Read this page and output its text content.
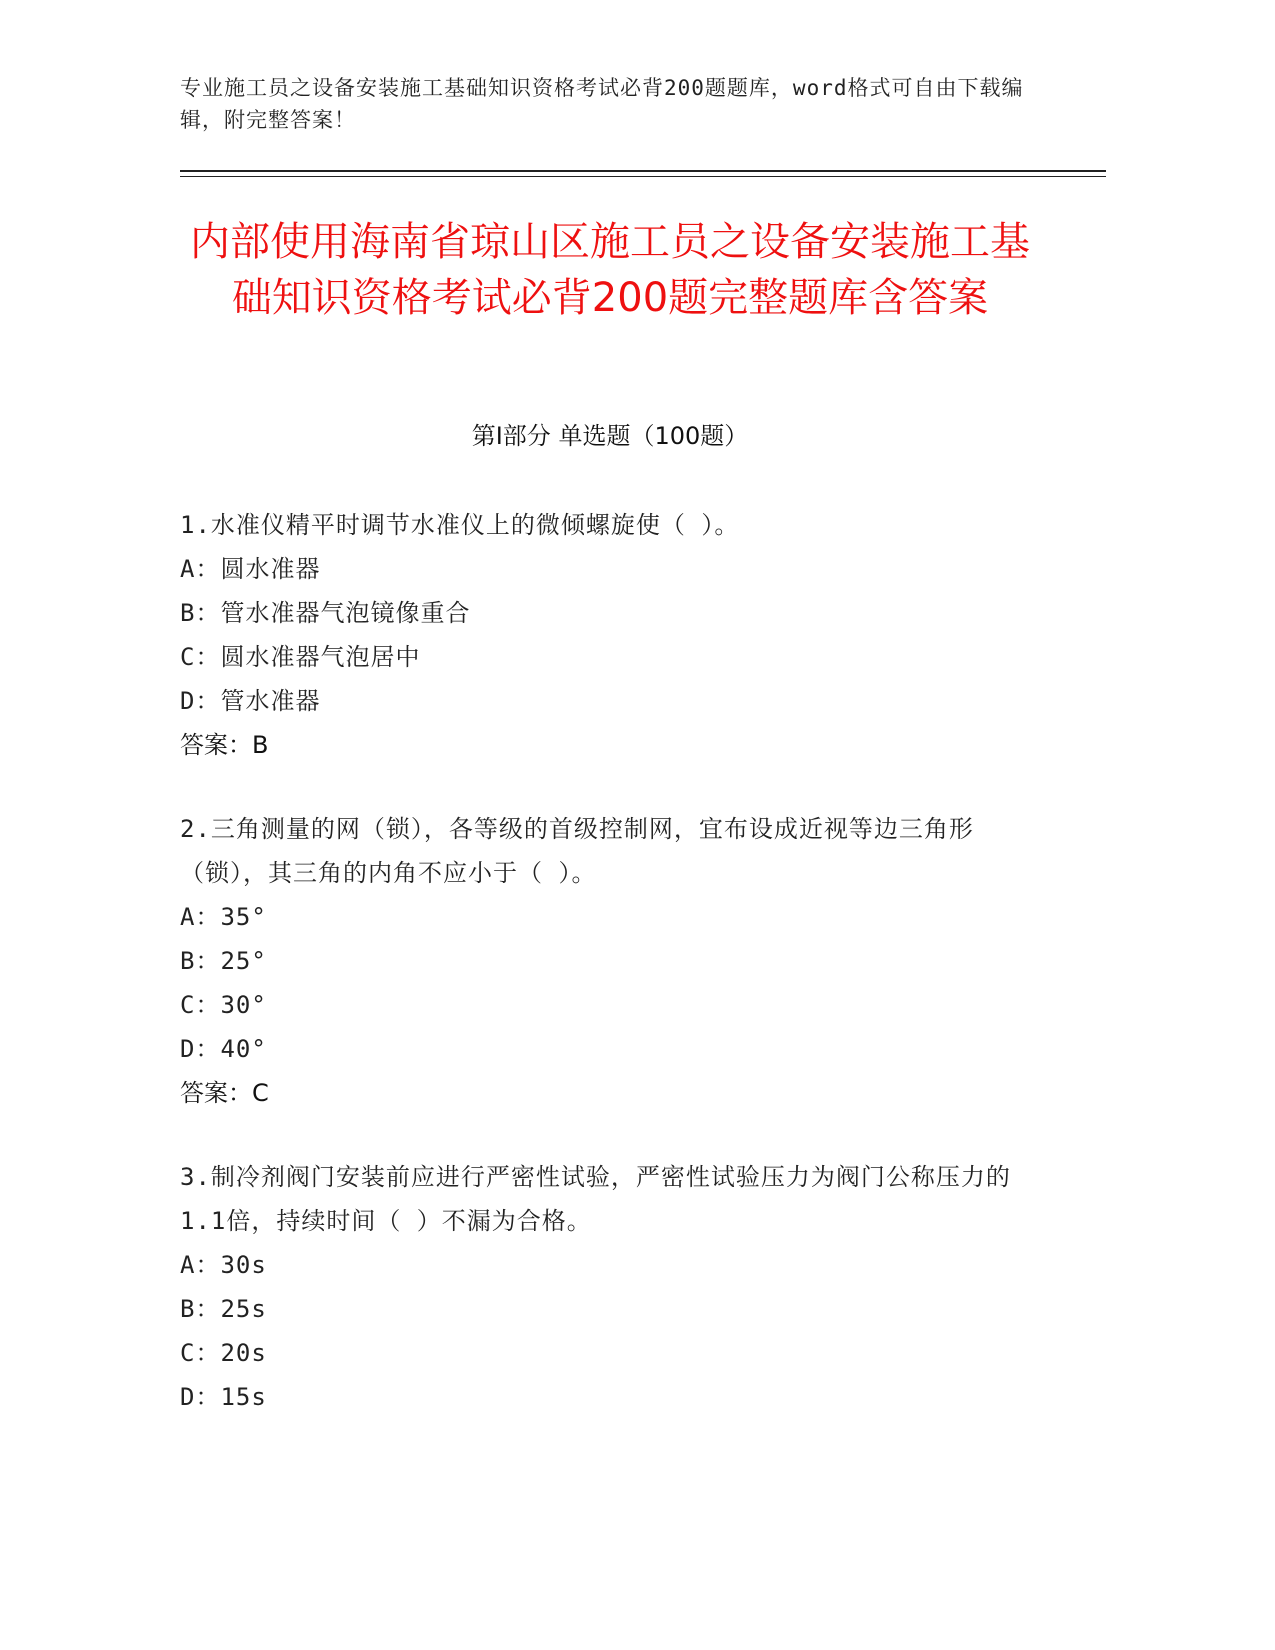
专业施工员之设备安装施工基础知识资格考试必背200题题库，word格式可自由下载编辑，附完整答案！
内部使用海南省琼山区施工员之设备安装施工基础知识资格考试必背200题完整题库含答案
第Ⅰ部分 单选题（100题）
1.水准仪精平时调节水准仪上的微倾螺旋使（ ）。
A：圆水准器
B：管水准器气泡镜像重合
C：圆水准器气泡居中
D：管水准器
答案：B
2.三角测量的网（锁），各等级的首级控制网，宜布设成近视等边三角形（锁），其三角的内角不应小于（ ）。
A：35°
B：25°
C：30°
D：40°
答案：C
3.制冷剂阀门安装前应进行严密性试验，严密性试验压力为阀门公称压力的1.1倍，持续时间（ ）不漏为合格。
A：30s
B：25s
C：20s
D：15s
